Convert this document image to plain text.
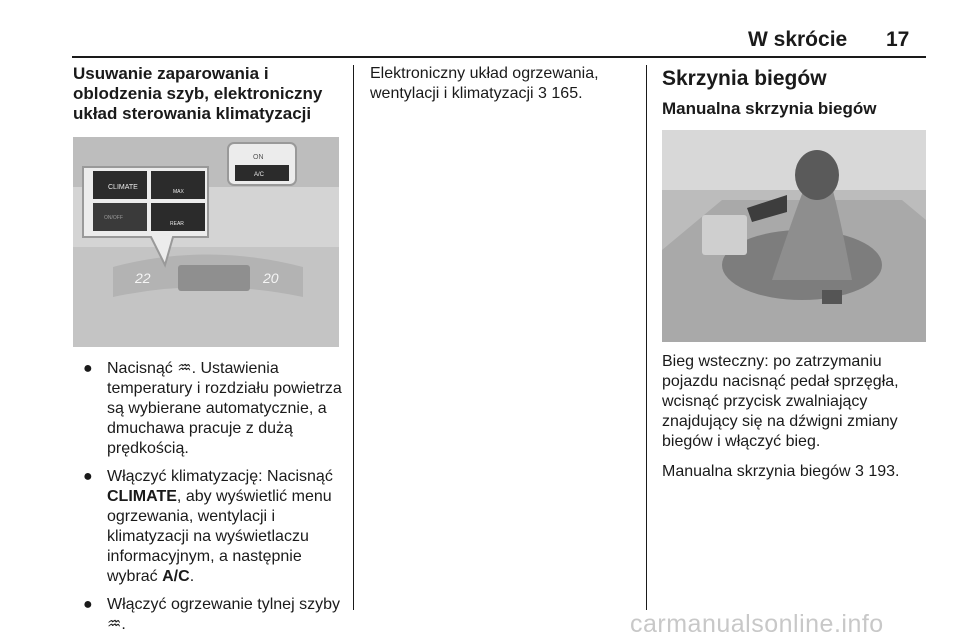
W skrócie 17
Usuwanie zaparowania i oblodzenia szyb, elektroniczny układ sterowania klimatyzacji
22	20
CLIMATE
MAX
ON/OFF
REAR
ON
A/C
● Nacisnąć ♒. Ustawienia temperatury i rozdziału powietrza są wybierane automatycznie, a dmuchawa pracuje z dużą prędkością.
● Włączyć klimatyzację: Nacisnąć CLIMATE, aby wyświetlić menu ogrzewania, wentylacji i klimatyzacji na wyświetlaczu informacyjnym, a następnie wybrać A/C.
● Włączyć ogrzewanie tylnej szyby ♒.

Elektroniczny układ ogrzewania, wentylacji i klimatyzacji 3 165.

Skrzynia biegów
Manualna skrzynia biegów

Bieg wsteczny: po zatrzymaniu pojazdu nacisnąć pedał sprzęgła, wcisnąć przycisk zwalniający znajdujący się na dźwigni zmiany biegów i włączyć bieg.

Manualna skrzynia biegów 3 193.

carmanualsonline.info
